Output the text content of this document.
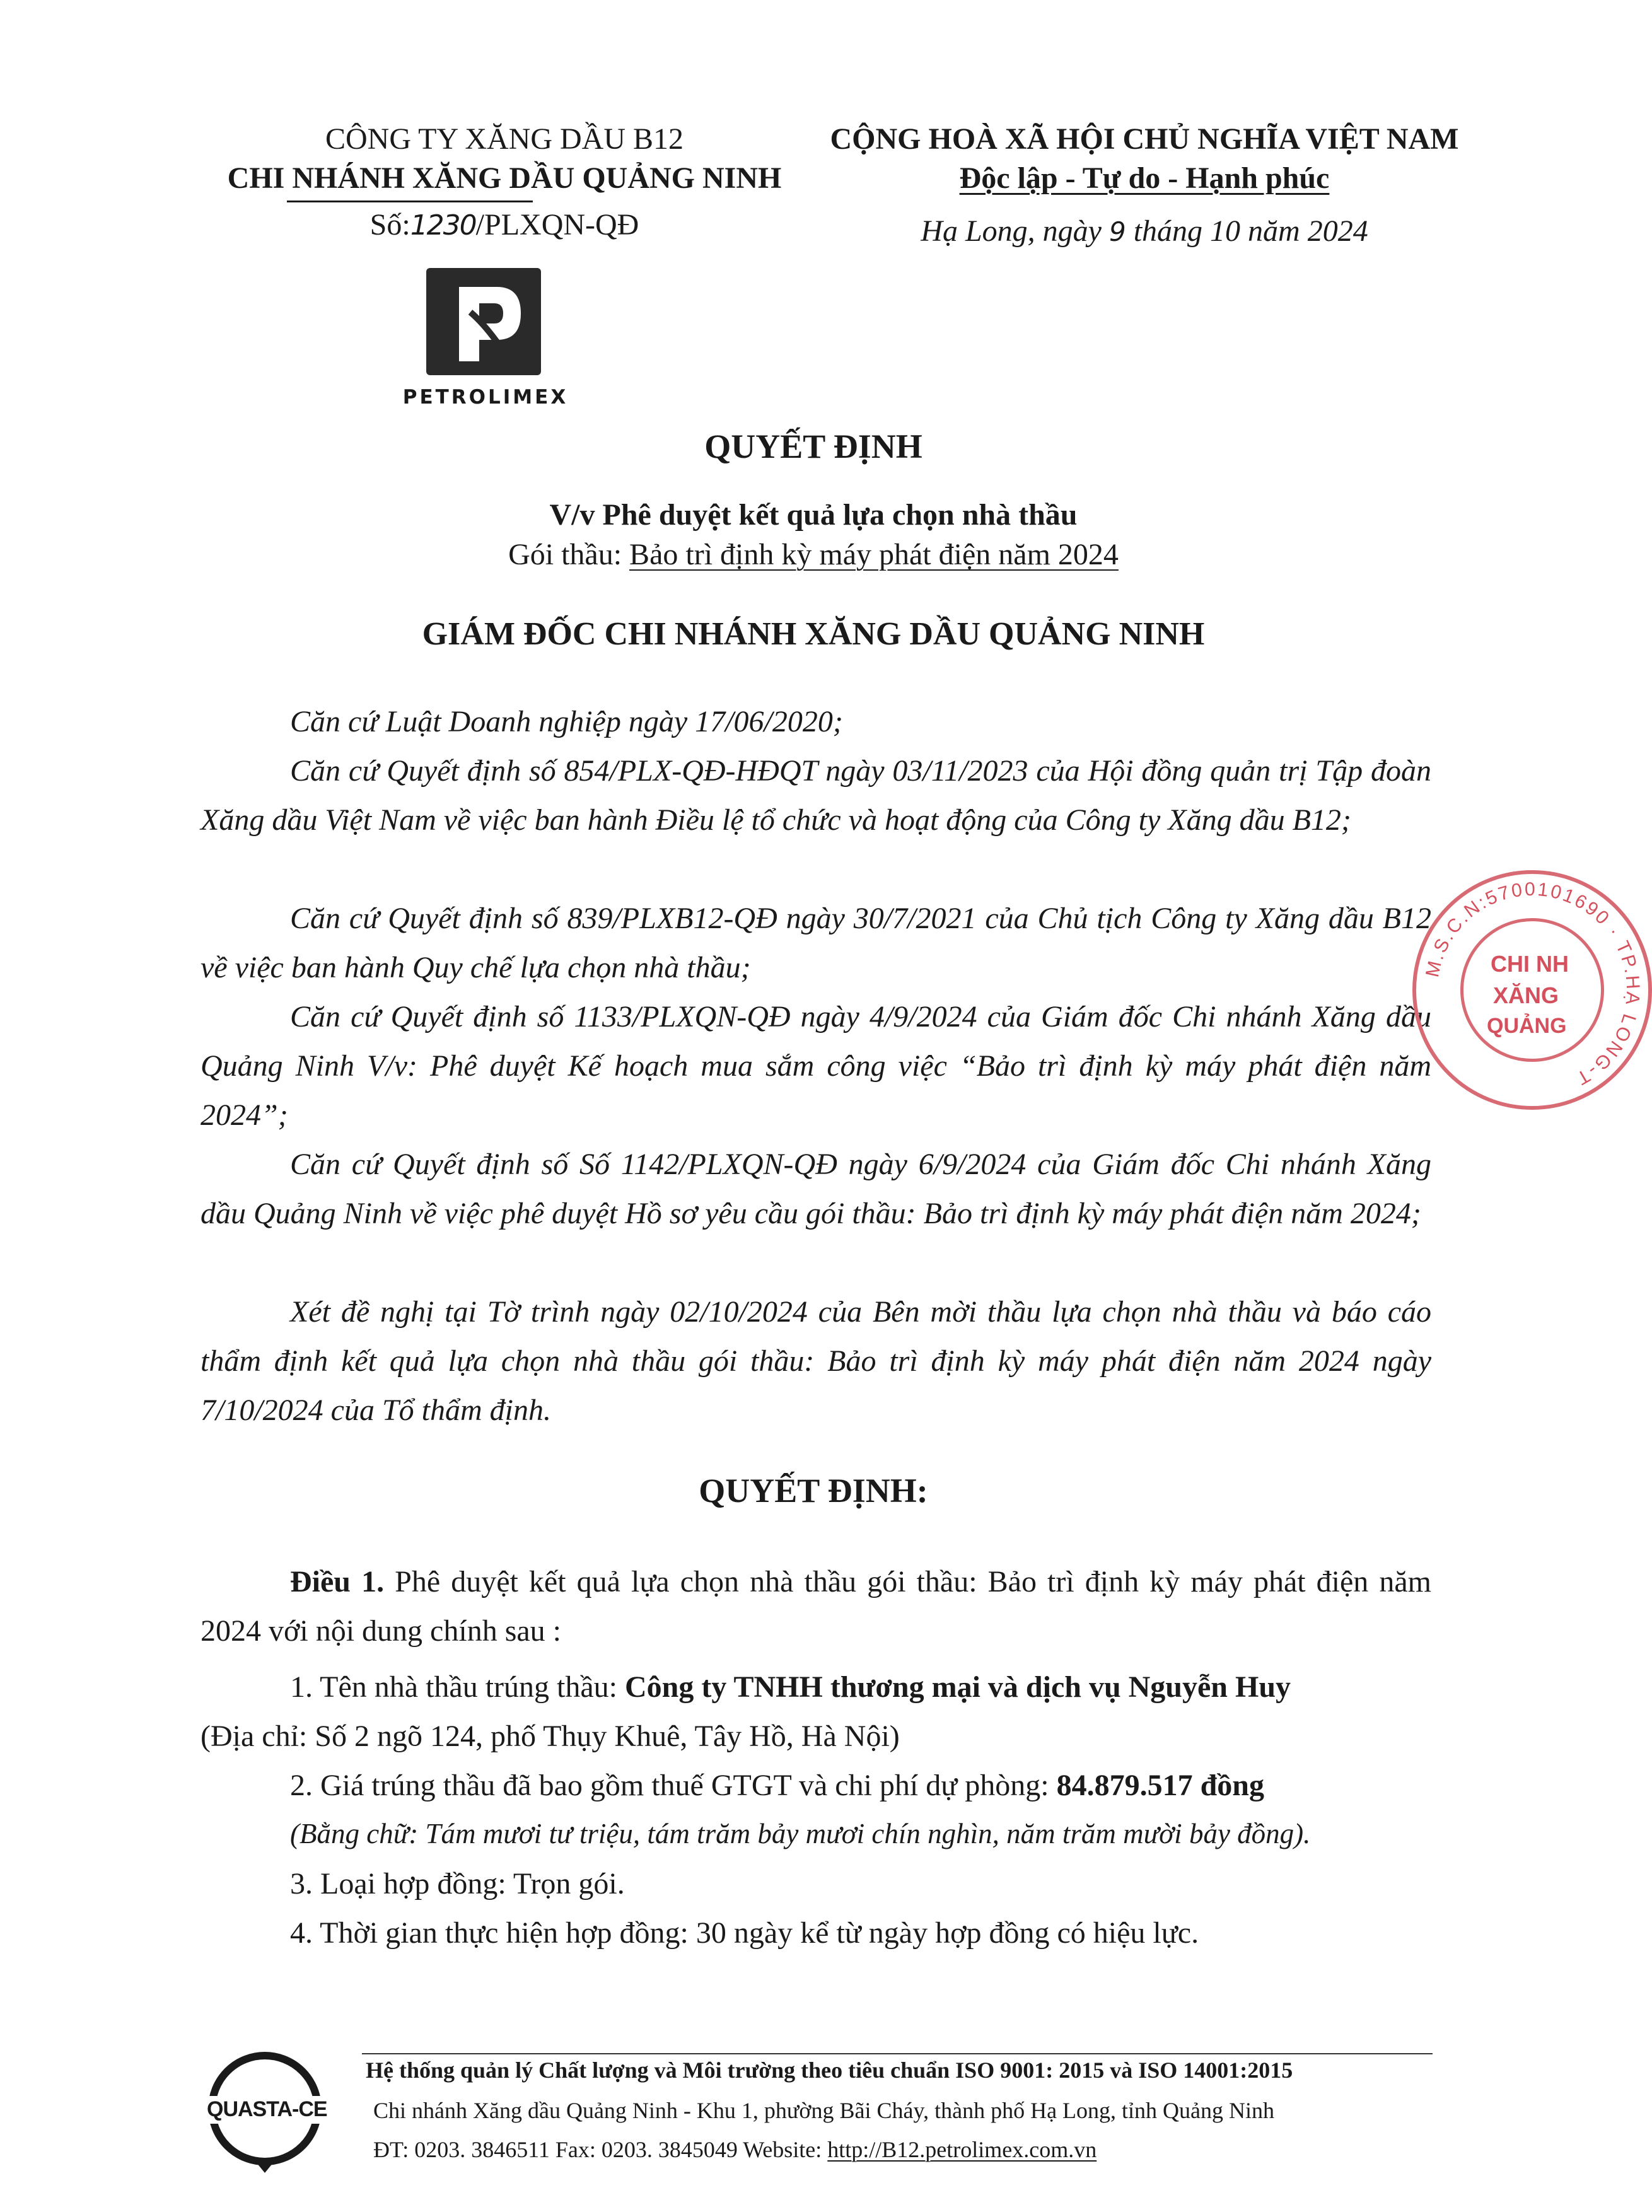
CÔNG TY XĂNG DẦU B12
CHI NHÁNH XĂNG DẦU QUẢNG NINH
Số:1230/PLXQN-QĐ
PETROLIMEX
CỘNG HOÀ XÃ HỘI CHỦ NGHĨA VIỆT NAM
Độc lập - Tự do - Hạnh phúc
Hạ Long, ngày 9 tháng 10 năm 2024
QUYẾT ĐỊNH
V/v Phê duyệt kết quả lựa chọn nhà thầu
Gói thầu: Bảo trì định kỳ máy phát điện năm 2024
GIÁM ĐỐC CHI NHÁNH XĂNG DẦU QUẢNG NINH
Căn cứ Luật Doanh nghiệp ngày 17/06/2020;
Căn cứ Quyết định số 854/PLX-QĐ-HĐQT ngày 03/11/2023 của Hội đồng quản trị Tập đoàn Xăng dầu Việt Nam về việc ban hành Điều lệ tổ chức và hoạt động của Công ty Xăng dầu B12;
Căn cứ Quyết định số 839/PLXB12-QĐ ngày 30/7/2021 của Chủ tịch Công ty Xăng dầu B12 về việc ban hành Quy chế lựa chọn nhà thầu;
Căn cứ Quyết định số 1133/PLXQN-QĐ ngày 4/9/2024 của Giám đốc Chi nhánh Xăng dầu Quảng Ninh V/v: Phê duyệt Kế hoạch mua sắm công việc “Bảo trì định kỳ máy phát điện năm 2024”;
Căn cứ Quyết định số Số 1142/PLXQN-QĐ ngày 6/9/2024 của Giám đốc Chi nhánh Xăng dầu Quảng Ninh về việc phê duyệt Hồ sơ yêu cầu gói thầu: Bảo trì định kỳ máy phát điện năm 2024;
Xét đề nghị tại Tờ trình ngày 02/10/2024 của Bên mời thầu lựa chọn nhà thầu và báo cáo thẩm định kết quả lựa chọn nhà thầu gói thầu: Bảo trì định kỳ máy phát điện năm 2024 ngày 7/10/2024 của Tổ thẩm định.
QUYẾT ĐỊNH:
Điều 1. Phê duyệt kết quả lựa chọn nhà thầu gói thầu: Bảo trì định kỳ máy phát điện năm 2024 với nội dung chính sau :
1. Tên nhà thầu trúng thầu: Công ty TNHH thương mại và dịch vụ Nguyễn Huy
(Địa chỉ: Số 2 ngõ 124, phố Thụy Khuê, Tây Hồ, Hà Nội)
2. Giá trúng thầu đã bao gồm thuế GTGT và chi phí dự phòng: 84.879.517 đồng
(Bằng chữ: Tám mươi tư triệu, tám trăm bảy mươi chín nghìn, năm trăm mười bảy đồng).
3. Loại hợp đồng: Trọn gói.
4. Thời gian thực hiện hợp đồng: 30 ngày kể từ ngày hợp đồng có hiệu lực.
M.S.C.N:5700101690 · TP.HẠ LONG-T
CHI NH
XĂNG
QUẢNG
QUASTA-CE
Hệ thống quản lý Chất lượng và Môi trường theo tiêu chuẩn ISO 9001: 2015 và ISO 14001:2015
Chi nhánh Xăng dầu Quảng Ninh - Khu 1, phường Bãi Cháy, thành phố Hạ Long, tỉnh Quảng Ninh
ĐT: 0203. 3846511 Fax: 0203. 3845049 Website: http://B12.petrolimex.com.vn
